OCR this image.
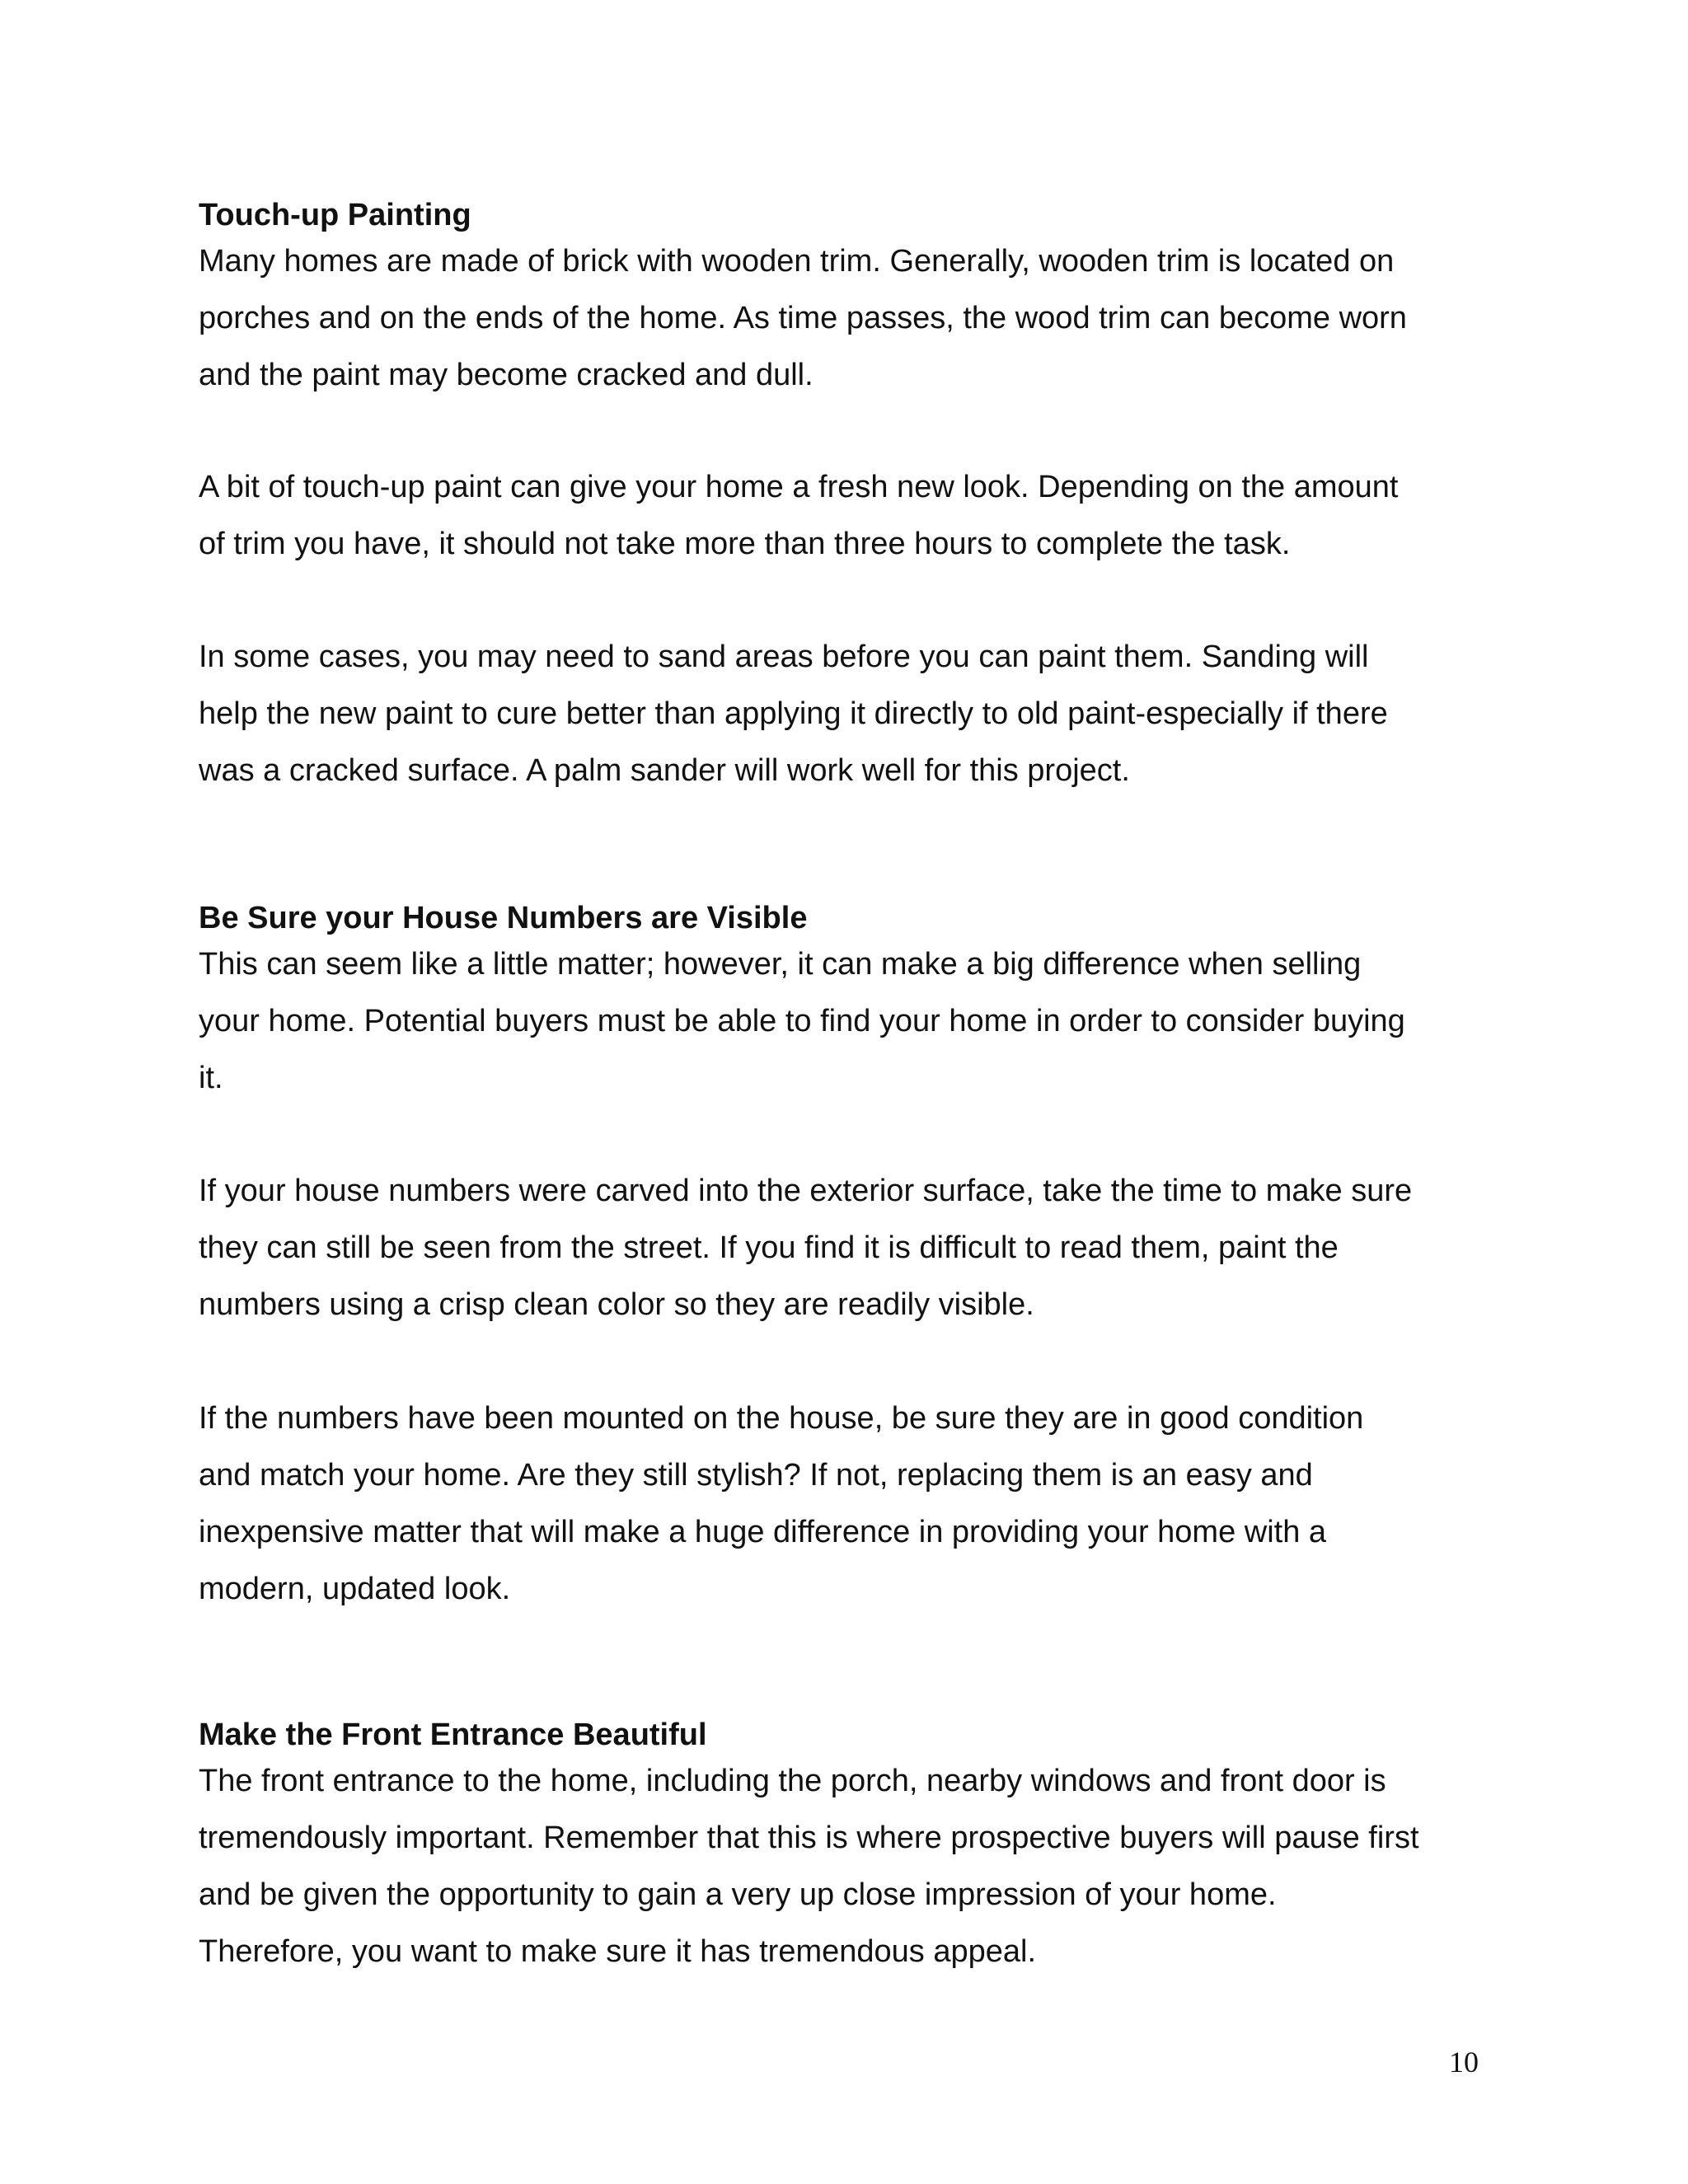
Touch-up Painting

Many homes are made of brick with wooden trim. Generally, wooden trim is located on
porches and on the ends of the home. As time passes, the wood trim can become worn
and the paint may become cracked and dull.

A bit of touch-up paint can give your home a fresh new look. Depending on the amount
of trim you have, it should not take more than three hours to complete the task.

In some cases, you may need to sand areas before you can paint them. Sanding will
help the new paint to cure better than applying it directly to old paint-especially if there
was a cracked surface. A palm sander will work well for this project.

Be Sure your House Numbers are Visible

This can seem like a little matter; however, it can make a big difference when selling
your home. Potential buyers must be able to find your home in order to consider buying
it.

If your house numbers were carved into the exterior surface, take the time to make sure
they can still be seen from the street. If you find it is difficult to read them, paint the
numbers using a crisp clean color so they are readily visible.

If the numbers have been mounted on the house, be sure they are in good condition
and match your home. Are they still stylish? If not, replacing them is an easy and
inexpensive matter that will make a huge difference in providing your home with a
modern, updated look.

Make the Front Entrance Beautiful

The front entrance to the home, including the porch, nearby windows and front door is
tremendously important. Remember that this is where prospective buyers will pause first
and be given the opportunity to gain a very up close impression of your home.
Therefore, you want to make sure it has tremendous appeal.

10
